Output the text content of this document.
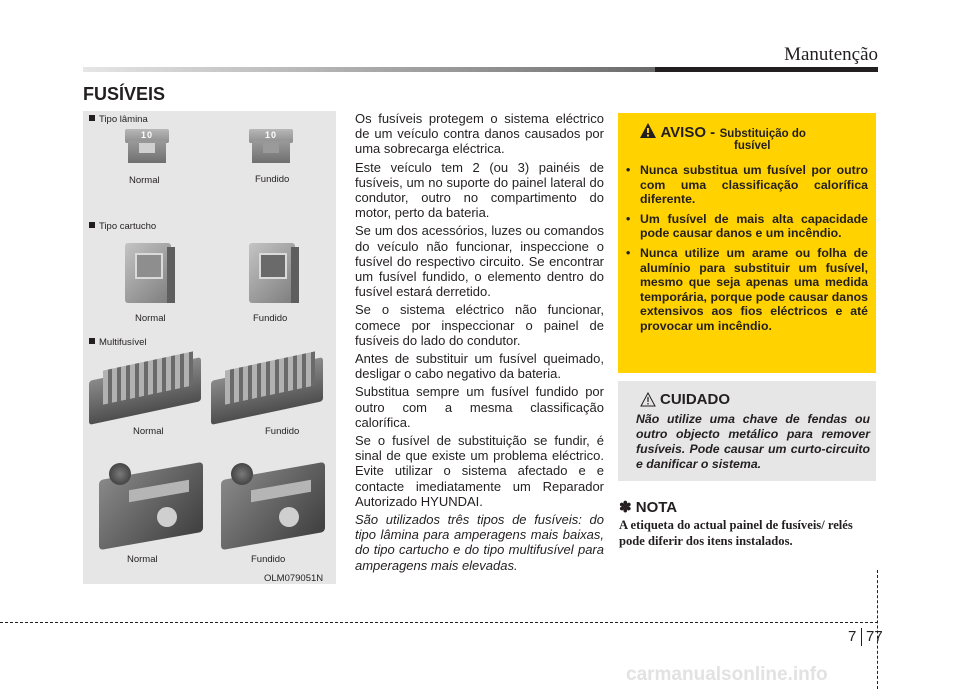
Manutenção
FUSÍVEIS
Tipo lâmina
10	10
Normal	Fundido
Tipo cartucho
Normal	Fundido
Multifusível
Normal	Fundido
Normal	Fundido
OLM079051N

Os fusíveis protegem o sistema eléctrico de um veículo contra danos causados por uma sobrecarga eléctrica.

Este veículo tem 2 (ou 3) painéis de fusíveis, um no suporte do painel lateral do condutor, outro no compartimento do motor, perto da bateria.

Se um dos acessórios, luzes ou comandos do veículo não funcionar, inspeccione o fusível do respectivo circuito. Se encontrar um fusível fundido, o elemento dentro do fusível estará derretido.

Se o sistema eléctrico não funcionar, comece por inspeccionar o painel de fusíveis do lado do condutor.

Antes de substituir um fusível queimado, desligar o cabo negativo da bateria.

Substitua sempre um fusível fundido por outro com a mesma classificação calorífica.

Se o fusível de substituição se fundir, é sinal de que existe um problema eléctrico. Evite utilizar o sistema afectado e e contacte imediatamente um Reparador Autorizado HYUNDAI.

São utilizados três tipos de fusíveis: do tipo lâmina para amperagens mais baixas, do tipo cartucho e do tipo multifusível para amperagens mais elevadas.

AVISO - Substituição do
fusível
• Nunca substitua um fusível por outro com uma classificação calorífica diferente.
• Um fusível de mais alta capacidade pode causar danos e um incêndio.
• Nunca utilize um arame ou folha de alumínio para substituir um fusível, mesmo que seja apenas uma medida temporária, porque pode causar danos extensivos aos fios eléctricos e até provocar um incêndio.
CUIDADO
Não utilize uma chave de fendas ou outro objecto metálico para remover fusíveis. Pode causar um curto-circuito e danificar o sistema.
✽ NOTA
A etiqueta do actual painel de fusíveis/ relés pode diferir dos itens instalados.
7 77
carmanualsonline.info
